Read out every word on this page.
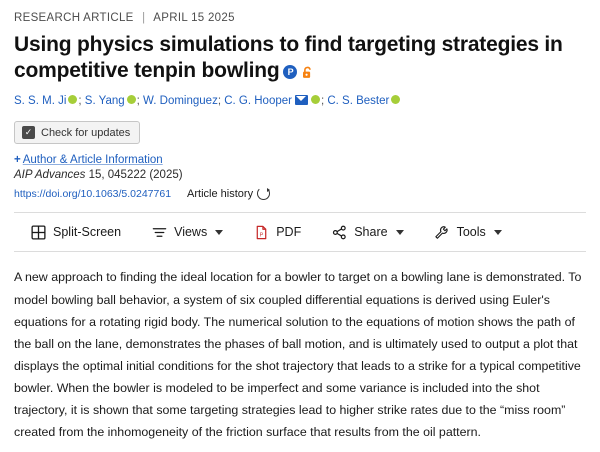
RESEARCH ARTICLE | APRIL 15 2025
Using physics simulations to find targeting strategies in competitive tenpin bowling P
S. S. M. Ji ; S. Yang ; W. Dominguez; C. G. Hooper	; C. S. Bester
✓ Check for updates
+ Author & Article Information
AIP Advances 15, 045222 (2025)
https://doi.org/10.1063/5.0247761 Article history
Split-Screen	Views	P PDF	Share	Tools

A new approach to finding the ideal location for a bowler to target on a bowling lane is demonstrated. To model bowling ball behavior, a system of six coupled differential equations is derived using Euler's equations for a rotating rigid body. The numerical solution to the equations of motion shows the path of the ball on the lane, demonstrates the phases of ball motion, and is ultimately used to output a plot that displays the optimal initial conditions for the shot trajectory that leads to a strike for a typical competitive bowler. When the bowler is modeled to be imperfect and some variance is included into the shot trajectory, it is shown that some targeting strategies lead to higher strike rates due to the “miss room” created from the inhomogeneity of the friction surface that results from the oil pattern.
